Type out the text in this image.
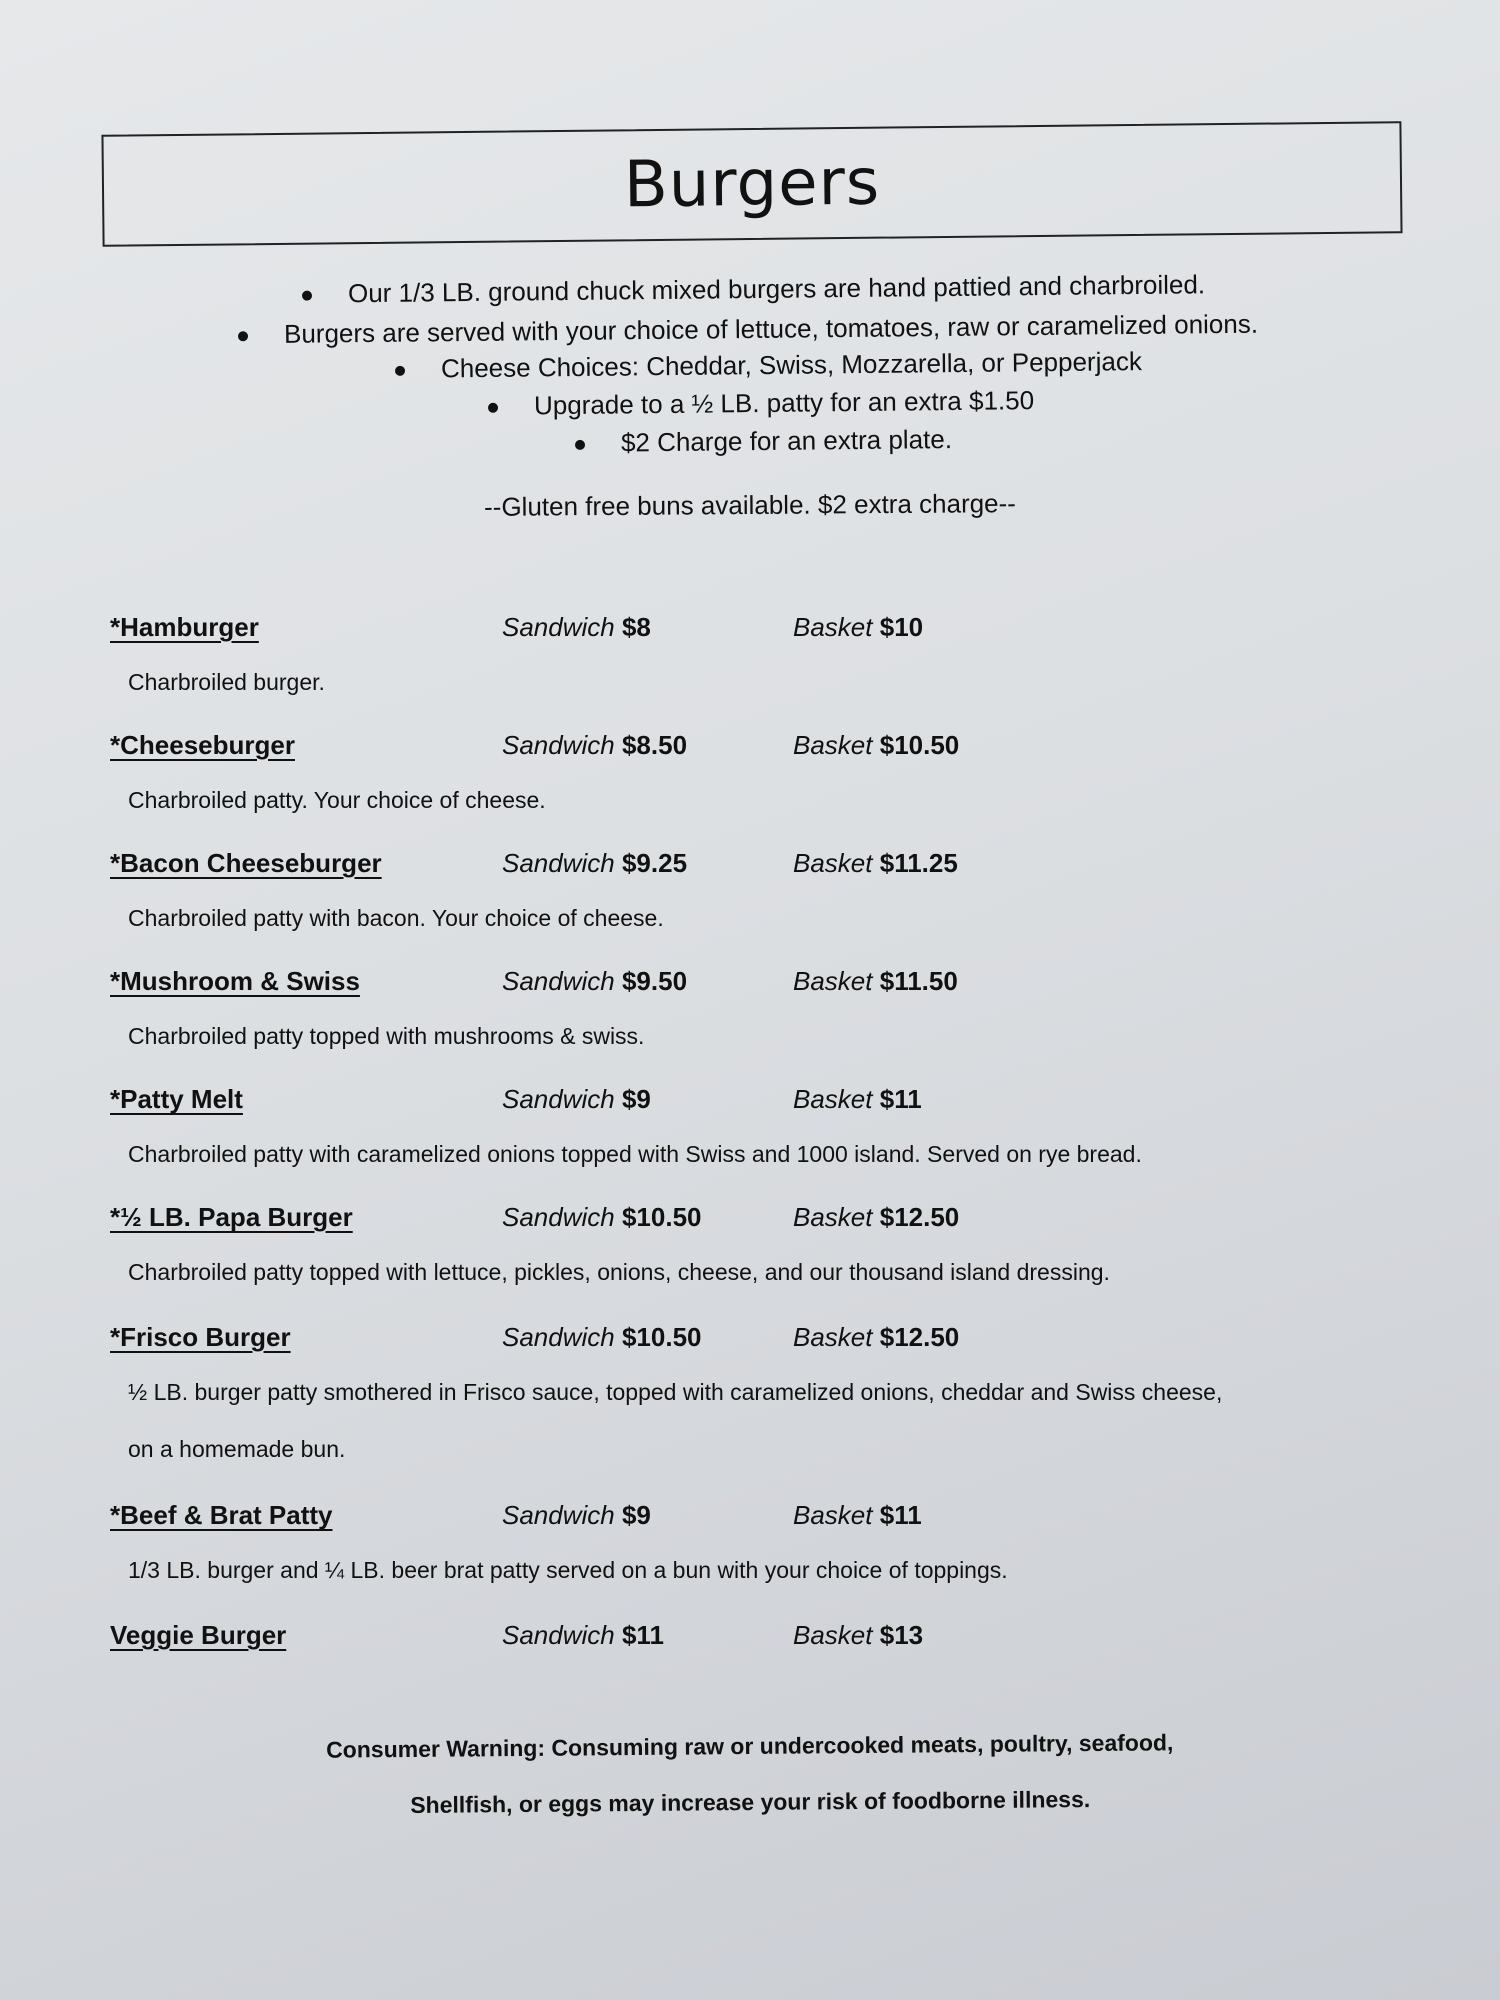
Burgers
Our 1/3 LB. ground chuck mixed burgers are hand pattied and charbroiled.
Burgers are served with your choice of lettuce, tomatoes, raw or caramelized onions.
Cheese Choices: Cheddar, Swiss, Mozzarella, or Pepperjack
Upgrade to a ½ LB. patty for an extra $1.50
$2 Charge for an extra plate.
--Gluten free buns available. $2 extra charge--
*Hamburger	Sandwich $8	Basket $10
Charbroiled burger.
*Cheeseburger	Sandwich $8.50	Basket $10.50
Charbroiled patty. Your choice of cheese.
*Bacon Cheeseburger	Sandwich $9.25	Basket $11.25
Charbroiled patty with bacon. Your choice of cheese.
*Mushroom & Swiss	Sandwich $9.50	Basket $11.50
Charbroiled patty topped with mushrooms & swiss.
*Patty Melt	Sandwich $9	Basket $11
Charbroiled patty with caramelized onions topped with Swiss and 1000 island. Served on rye bread.
*½ LB. Papa Burger	Sandwich $10.50	Basket $12.50
Charbroiled patty topped with lettuce, pickles, onions, cheese, and our thousand island dressing.
*Frisco Burger	Sandwich $10.50	Basket $12.50
½ LB. burger patty smothered in Frisco sauce, topped with caramelized onions, cheddar and Swiss cheese,
on a homemade bun.
*Beef & Brat Patty	Sandwich $9	Basket $11
1/3 LB. burger and ¼ LB. beer brat patty served on a bun with your choice of toppings.
Veggie Burger	Sandwich $11	Basket $13
Consumer Warning: Consuming raw or undercooked meats, poultry, seafood,
Shellfish, or eggs may increase your risk of foodborne illness.
